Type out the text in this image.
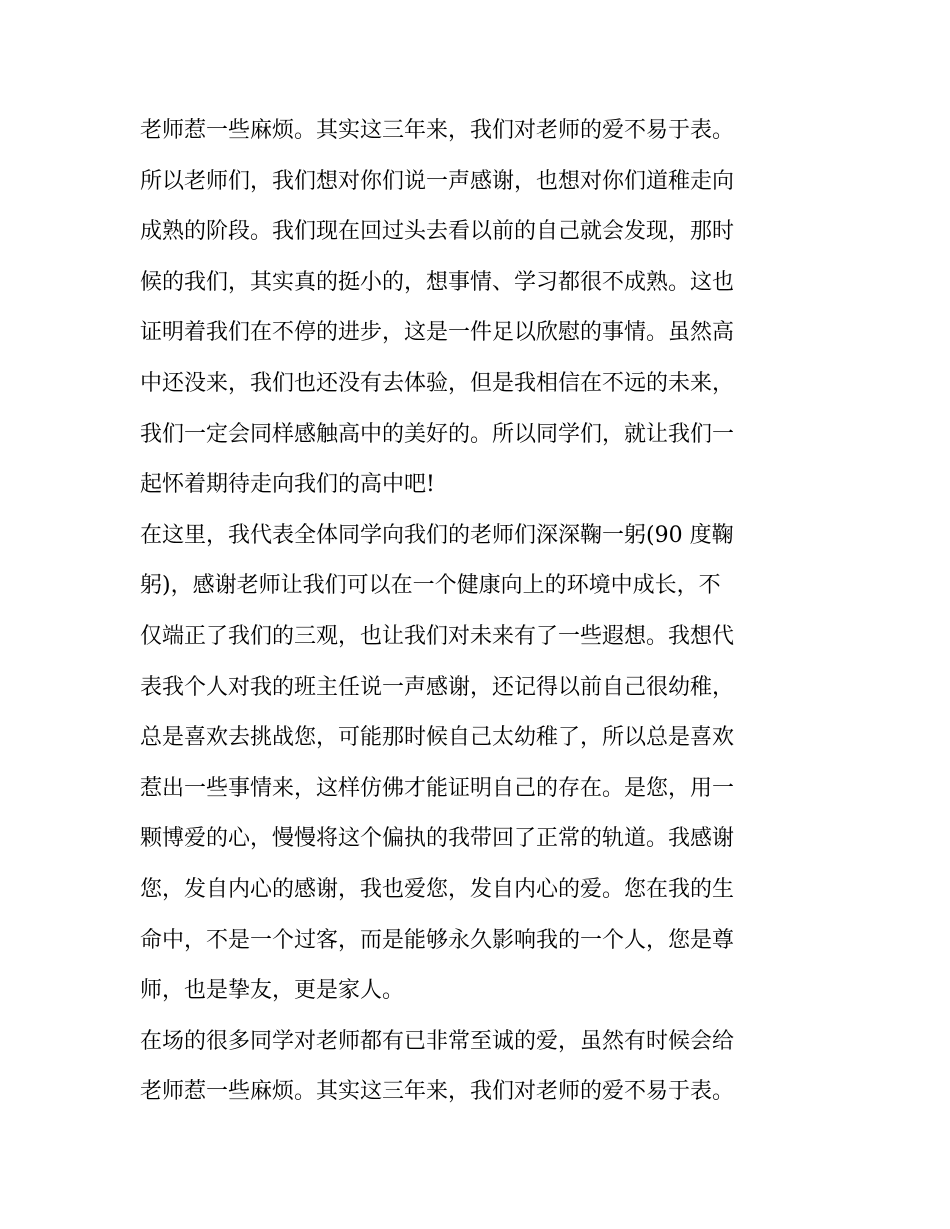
老师惹一些麻烦。其实这三年来，我们对老师的爱不易于表。
所以老师们，我们想对你们说一声感谢，也想对你们道稚走向
成熟的阶段。我们现在回过头去看以前的自己就会发现，那时
候的我们，其实真的挺小的，想事情、学习都很不成熟。这也
证明着我们在不停的进步，这是一件足以欣慰的事情。虽然高
中还没来，我们也还没有去体验，但是我相信在不远的未来，
我们一定会同样感触高中的美好的。所以同学们，就让我们一
起怀着期待走向我们的高中吧!
在这里，我代表全体同学向我们的老师们深深鞠一躬(90 度鞠
躬)，感谢老师让我们可以在一个健康向上的环境中成长，不
仅端正了我们的三观，也让我们对未来有了一些遐想。我想代
表我个人对我的班主任说一声感谢，还记得以前自己很幼稚，
总是喜欢去挑战您，可能那时候自己太幼稚了，所以总是喜欢
惹出一些事情来，这样仿佛才能证明自己的存在。是您，用一
颗博爱的心，慢慢将这个偏执的我带回了正常的轨道。我感谢
您，发自内心的感谢，我也爱您，发自内心的爱。您在我的生
命中，不是一个过客，而是能够永久影响我的一个人，您是尊
师，也是挚友，更是家人。
在场的很多同学对老师都有已非常至诚的爱，虽然有时候会给
老师惹一些麻烦。其实这三年来，我们对老师的爱不易于表。
